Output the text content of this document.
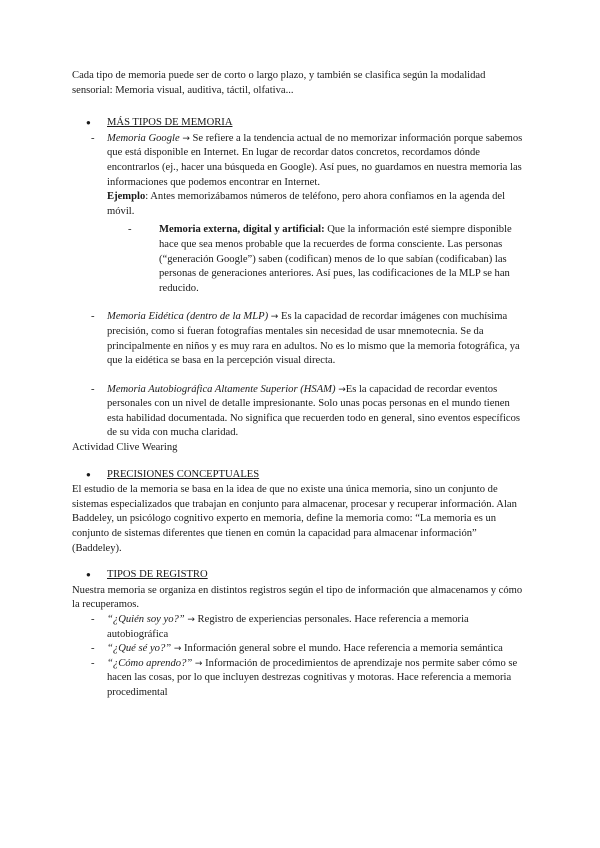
Cada tipo de memoria puede ser de corto o largo plazo, y también se clasifica según la modalidad sensorial: Memoria visual, auditiva, táctil, olfativa...

● MÁS TIPOS DE MEMORIA
- Memoria Google → Se refiere a la tendencia actual de no memorizar información porque sabemos que está disponible en Internet. En lugar de recordar datos concretos, recordamos dónde encontrarlos (ej., hacer una búsqueda en Google). Así pues, no guardamos en nuestra memoria las informaciones que podemos encontrar en Internet.

Ejemplo: Antes memorizábamos números de teléfono, pero ahora confiamos en la agenda del móvil.

-	Memoria externa, digital y artificial: Que la información esté siempre disponible hace que sea menos probable que la recuerdes de forma consciente. Las personas (“generación Google”) saben (codifican) menos de lo que sabían (codificaban) las personas de generaciones anteriores. Así pues, las codificaciones de la MLP se han reducido.
- Memoria Eidética (dentro de la MLP) → Es la capacidad de recordar imágenes con muchísima precisión, como si fueran fotografías mentales sin necesidad de usar mnemotecnia. Se da principalmente en niños y es muy rara en adultos. No es lo mismo que la memoria fotográfica, ya que la eidética se basa en la percepción visual directa.
- Memoria Autobiográfica Altamente Superior (HSAM) →Es la capacidad de recordar eventos personales con un nivel de detalle impresionante. Solo unas pocas personas en el mundo tienen esta habilidad documentada. No significa que recuerden todo en general, sino eventos específicos de su vida con mucha claridad.

Actividad Clive Wearing

● PRECISIONES CONCEPTUALES

El estudio de la memoria se basa en la idea de que no existe una única memoria, sino un conjunto de sistemas especializados que trabajan en conjunto para almacenar, procesar y recuperar información. Alan Baddeley, un psicólogo cognitivo experto en memoria, define la memoria como: “La memoria es un conjunto de sistemas diferentes que tienen en común la capacidad para almacenar información” (Baddeley).

● TIPOS DE REGISTRO

Nuestra memoria se organiza en distintos registros según el tipo de información que almacenamos y cómo la recuperamos.

- “¿Quién soy yo?” → Registro de experiencias personales. Hace referencia a memoria autobiográfica
- “¿Qué sé yo?” → Información general sobre el mundo. Hace referencia a memoria semántica
- “¿Cómo aprendo?” → Información de procedimientos de aprendizaje nos permite saber cómo se hacen las cosas, por lo que incluyen destrezas cognitivas y motoras. Hace referencia a memoria procedimental
